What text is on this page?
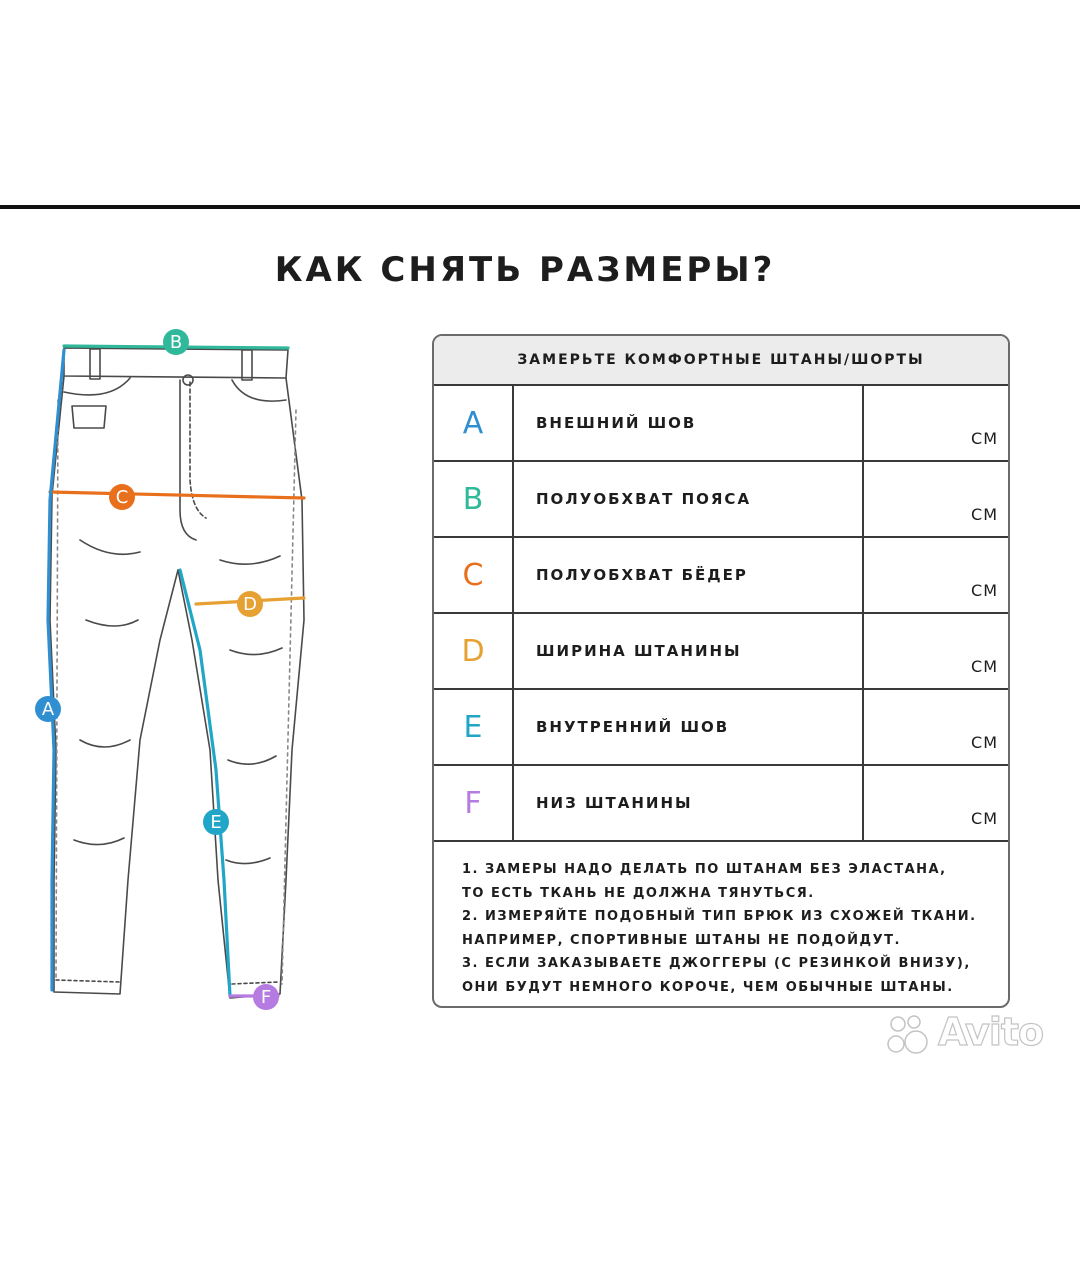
КАК СНЯТЬ РАЗМЕРЫ?
B
C
D
A
E
F
ЗАМЕРЬТЕ КОМФОРТНЫЕ ШТАНЫ/ШОРТЫ
A	ВНЕШНИЙ ШОВ
СМ
B	ПОЛУОБХВАТ ПОЯСА
СМ
C	ПОЛУОБХВАТ БЁДЕР
СМ
D	ШИРИНА ШТАНИНЫ
СМ
E	ВНУТРЕННИЙ ШОВ
СМ
F	НИЗ ШТАНИНЫ
СМ

1. ЗАМЕРЫ НАДО ДЕЛАТЬ ПО ШТАНАМ БЕЗ ЭЛАСТАНА,

ТО ЕСТЬ ТКАНЬ НЕ ДОЛЖНА ТЯНУТЬСЯ.

2. ИЗМЕРЯЙТЕ ПОДОБНЫЙ ТИП БРЮК ИЗ СХОЖЕЙ ТКАНИ.

НАПРИМЕР, СПОРТИВНЫЕ ШТАНЫ НЕ ПОДОЙДУТ.

3. ЕСЛИ ЗАКАЗЫВАЕТЕ ДЖОГГЕРЫ (С РЕЗИНКОЙ ВНИЗУ),

ОНИ БУДУТ НЕМНОГО КОРОЧЕ, ЧЕМ ОБЫЧНЫЕ ШТАНЫ.

Avito
